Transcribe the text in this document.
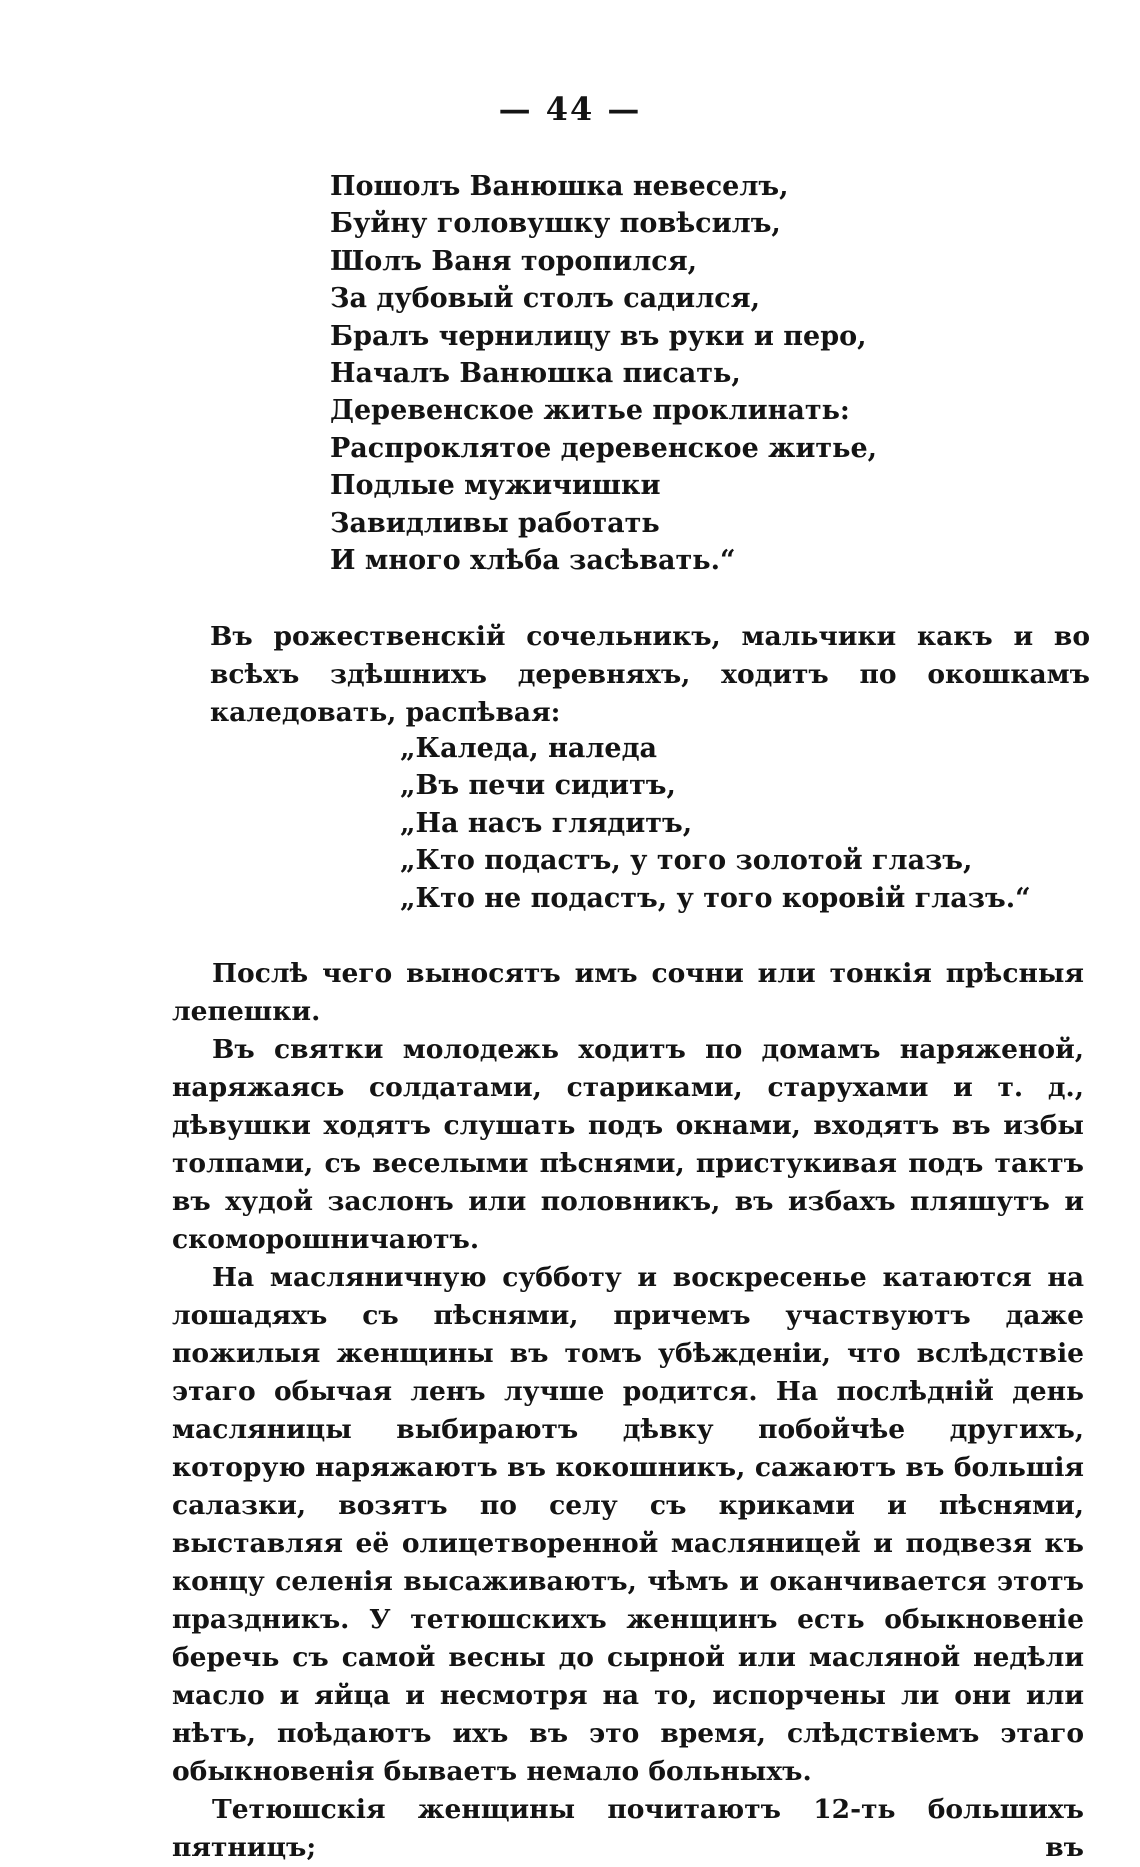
— 44 —
Пошолъ Ванюшка невеселъ,
Буйну головушку повѣсилъ,
Шолъ Ваня торопился,
За дубовый столъ садился,
Бралъ чернилицу въ руки и перо,
Началъ Ванюшка писать,
Деревенское житье проклинать:
Распроклятое деревенское житье,
Подлые мужичишки
Завидливы работать
И много хлѣба засѣвать.“

Въ рожественскій сочельникъ, мальчики какъ и во всѣхъ здѣшнихъ деревняхъ, ходитъ по окошкамъ каледовать, распѣвая:

„Каледа, наледа
„Въ печи сидитъ,
„На насъ глядитъ,
„Кто подастъ, у того золотой глазъ,
„Кто не подастъ, у того коровій глазъ.“

Послѣ чего выносятъ имъ сочни или тонкія прѣсныя лепешки.

Въ святки молодежь ходитъ по домамъ наряженой, наряжаясь солдатами, стариками, старухами и т. д., дѣвушки ходятъ слушать подъ окнами, входятъ въ избы толпами, съ веселыми пѣснями, пристукивая подъ тактъ въ худой заслонъ или половникъ, въ избахъ пляшутъ и скоморошничаютъ.

На масляничную субботу и воскресенье катаются на лошадяхъ съ пѣснями, причемъ участвуютъ даже пожилыя женщины въ томъ убѣжденіи, что вслѣдствіе этаго обычая ленъ лучше родится. На послѣдній день масляницы выбираютъ дѣвку побойчѣе другихъ, которую наряжаютъ въ кокошникъ, сажаютъ въ большія салазки, возятъ по селу съ криками и пѣснями, выставляя её олицетворенной масляницей и подвезя къ концу селенія высаживаютъ, чѣмъ и оканчивается этотъ праздникъ. У тетюшскихъ женщинъ есть обыкновеніе беречь съ самой весны до сырной или масляной недѣли масло и яйца и несмотря на то, испорчены ли они или нѣтъ, поѣдаютъ ихъ въ это время, слѣдствіемъ этаго обыкновенія бываетъ немало больныхъ.

Тетюшскія женщины почитаютъ 12-ть большихъ пятницъ; въ
